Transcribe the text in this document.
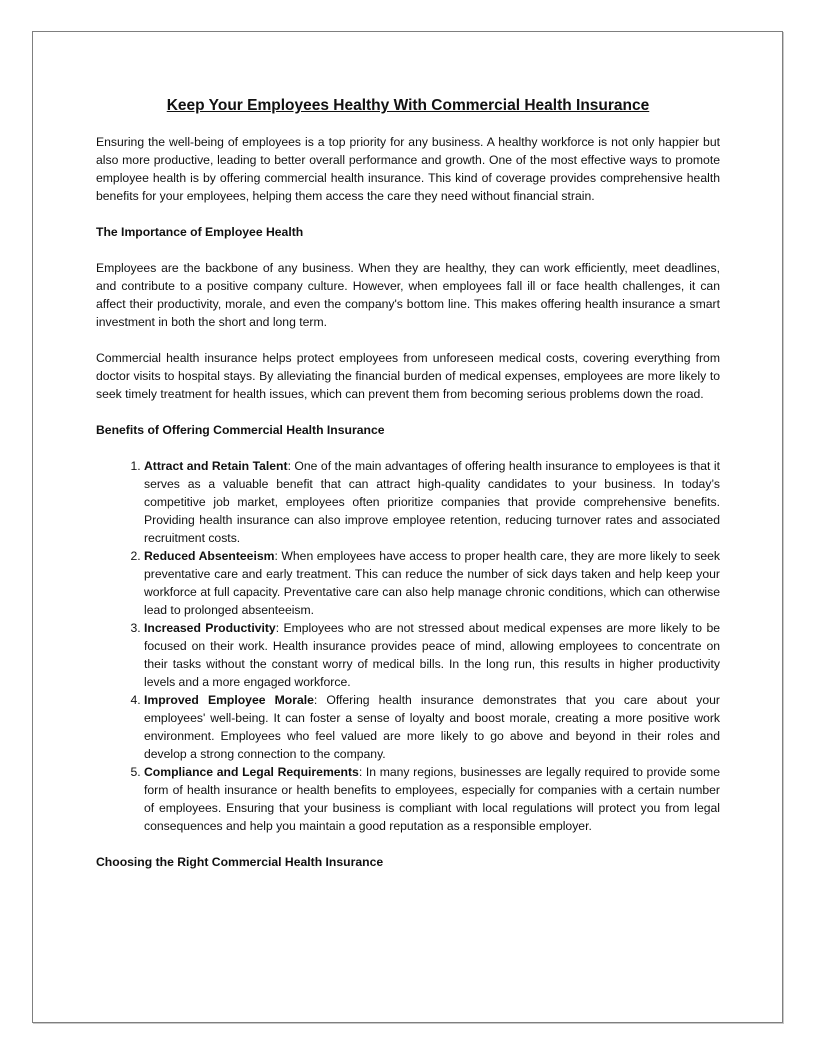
Keep Your Employees Healthy With Commercial Health Insurance

Ensuring the well-being of employees is a top priority for any business. A healthy workforce is not only happier but also more productive, leading to better overall performance and growth. One of the most effective ways to promote employee health is by offering commercial health insurance. This kind of coverage provides comprehensive health benefits for your employees, helping them access the care they need without financial strain.

The Importance of Employee Health

Employees are the backbone of any business. When they are healthy, they can work efficiently, meet deadlines, and contribute to a positive company culture. However, when employees fall ill or face health challenges, it can affect their productivity, morale, and even the company's bottom line. This makes offering health insurance a smart investment in both the short and long term.

Commercial health insurance helps protect employees from unforeseen medical costs, covering everything from doctor visits to hospital stays. By alleviating the financial burden of medical expenses, employees are more likely to seek timely treatment for health issues, which can prevent them from becoming serious problems down the road.

Benefits of Offering Commercial Health Insurance
1. Attract and Retain Talent: One of the main advantages of offering health insurance to employees is that it serves as a valuable benefit that can attract high-quality candidates to your business. In today’s competitive job market, employees often prioritize companies that provide comprehensive benefits. Providing health insurance can also improve employee retention, reducing turnover rates and associated recruitment costs.
2. Reduced Absenteeism: When employees have access to proper health care, they are more likely to seek preventative care and early treatment. This can reduce the number of sick days taken and help keep your workforce at full capacity. Preventative care can also help manage chronic conditions, which can otherwise lead to prolonged absenteeism.
3. Increased Productivity: Employees who are not stressed about medical expenses are more likely to be focused on their work. Health insurance provides peace of mind, allowing employees to concentrate on their tasks without the constant worry of medical bills. In the long run, this results in higher productivity levels and a more engaged workforce.
4. Improved Employee Morale: Offering health insurance demonstrates that you care about your employees' well-being. It can foster a sense of loyalty and boost morale, creating a more positive work environment. Employees who feel valued are more likely to go above and beyond in their roles and develop a strong connection to the company.
5. Compliance and Legal Requirements: In many regions, businesses are legally required to provide some form of health insurance or health benefits to employees, especially for companies with a certain number of employees. Ensuring that your business is compliant with local regulations will protect you from legal consequences and help you maintain a good reputation as a responsible employer.
Choosing the Right Commercial Health Insurance
